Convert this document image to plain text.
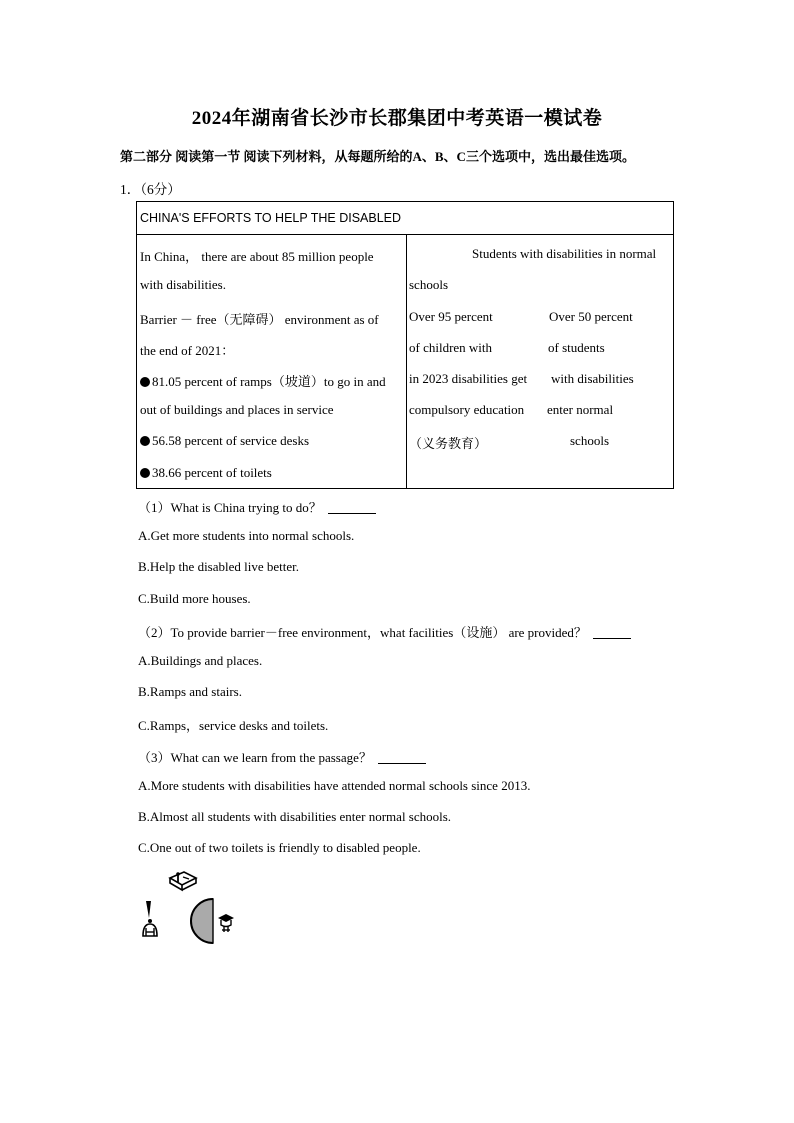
2024年湖南省长沙市长郡集团中考英语一模试卷
第二部分 阅读第一节 阅读下列材料，从每题所给的A、B、C三个选项中，选出最佳选项。
1．（6分）
CHINA'S EFFORTS TO HELP THE DISABLED
In China， there are about 85 million people
with disabilities.
Barrier － free（无障碍） environment as of
the end of 2021：
81.05 percent of ramps（坡道）to go in and
out of buildings and places in service
56.58 percent of service desks
38.66 percent of toilets
Students with disabilities in normal
schools
Over 95 percent
of children with
in 2023 disabilities get
compulsory education
（义务教育）
Over 50 percent
of students
with disabilities
enter normal
schools
（1）What is China trying to do？
A.Get more students into normal schools.
B.Help the disabled live better.
C.Build more houses.
（2）To provide barrier－free environment，what facilities（设施） are provided？
A.Buildings and places.
B.Ramps and stairs.
C.Ramps，service desks and toilets.
（3）What can we learn from the passage？
A.More students with disabilities have attended normal schools since 2013.
B.Almost all students with disabilities enter normal schools.
C.One out of two toilets is friendly to disabled people.
